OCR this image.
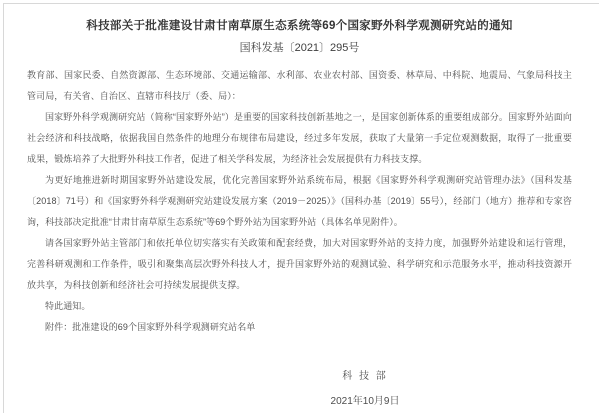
科技部关于批准建设甘肃甘南草原生态系统等69个国家野外科学观测研究站的通知
国科发基〔2021〕295号

教育部、国家民委、自然资源部、生态环境部、交通运输部、水利部、农业农村部、国资委、林草局、中科院、地震局、气象局科技主管司局，有关省、自治区、直辖市科技厅（委、局）：

国家野外科学观测研究站（简称“国家野外站”）是重要的国家科技创新基地之一，是国家创新体系的重要组成部分。国家野外站面向社会经济和科技战略，依据我国自然条件的地理分布规律布局建设，经过多年发展，获取了大量第一手定位观测数据，取得了一批重要成果，锻炼培养了大批野外科技工作者，促进了相关学科发展，为经济社会发展提供有力科技支撑。

为更好地推进新时期国家野外站建设发展，优化完善国家野外站系统布局，根据《国家野外科学观测研究站管理办法》（国科发基〔2018〕71号）和《国家野外科学观测研究站建设发展方案（2019－2025）》（国科办基〔2019〕55号），经部门（地方）推荐和专家咨询，科技部决定批准“甘肃甘南草原生态系统”等69个野外站为国家野外站（具体名单见附件）。

请各国家野外站主管部门和依托单位切实落实有关政策和配套经费，加大对国家野外站的支持力度，加强野外站建设和运行管理，完善科研观测和工作条件，吸引和聚集高层次野外科技人才，提升国家野外站的观测试验、科学研究和示范服务水平，推动科技资源开放共享，为科技创新和经济社会可持续发展提供支撑。

特此通知。

附件：批准建设的69个国家野外科学观测研究站名单

科 技 部
2021年10月9日
